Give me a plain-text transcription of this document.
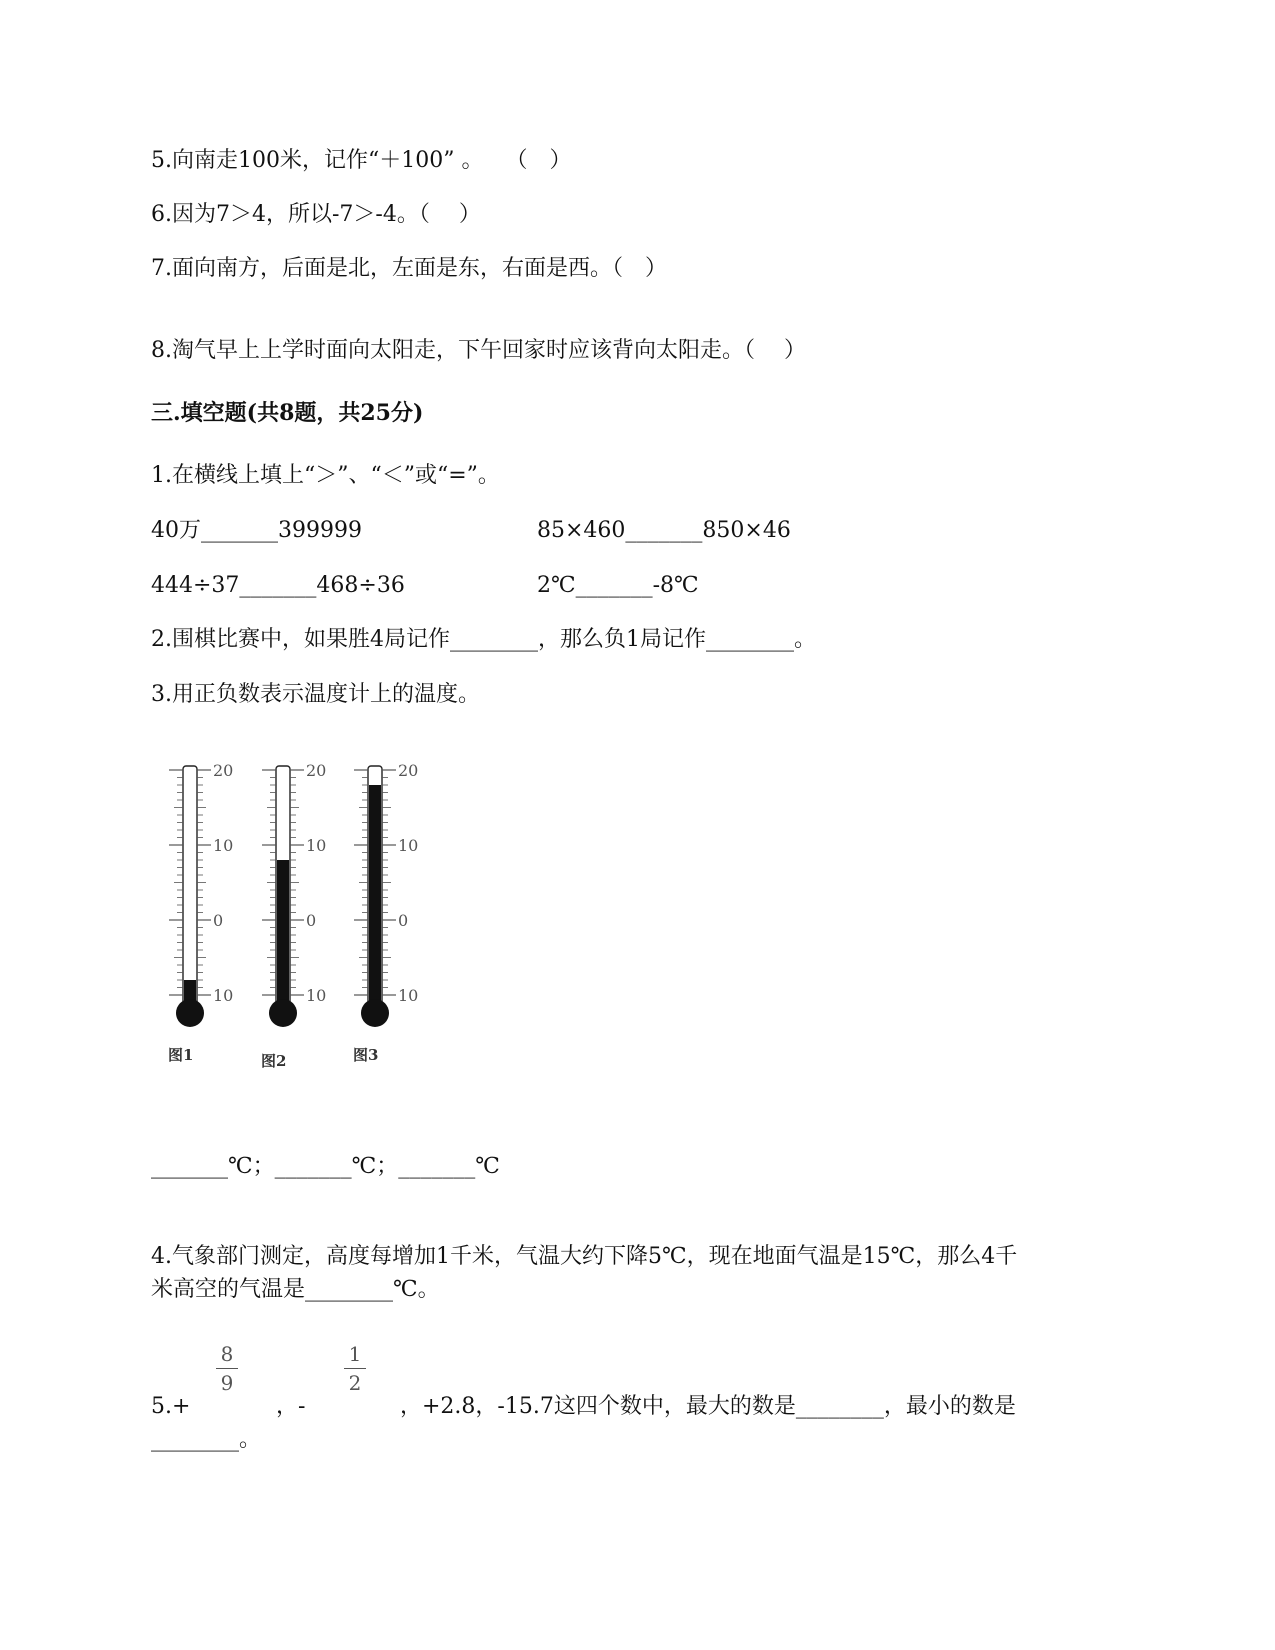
5.向南走100米，记作“＋100” 。　　（　）
6.因为7＞4，所以-7＞-4。（　 ）
7.面向南方，后面是北，左面是东，右面是西。（　）
8.淘气早上上学时面向太阳走，下午回家时应该背向太阳走。（　 ）
三.填空题(共8题，共25分)
1.在横线上填上“＞”、“＜”或“=”。
40万_______399999	85×460_______850×46
444÷37_______468÷36	2℃_______-8℃
2.围棋比赛中，如果胜4局记作________，那么负1局记作________。
3.用正负数表示温度计上的温度。
20
10
0
10
图1
20
10
0
10
图2
20
10
0
10
图3
_______℃；_______℃；_______℃
4.气象部门测定，高度每增加1千米，气温大约下降5℃，现在地面气温是15℃，那么4千
米高空的气温是________℃。
5.+
8
9
，-
1
2
，+2.8，-15.7这四个数中，最大的数是________，最小的数是
________。
